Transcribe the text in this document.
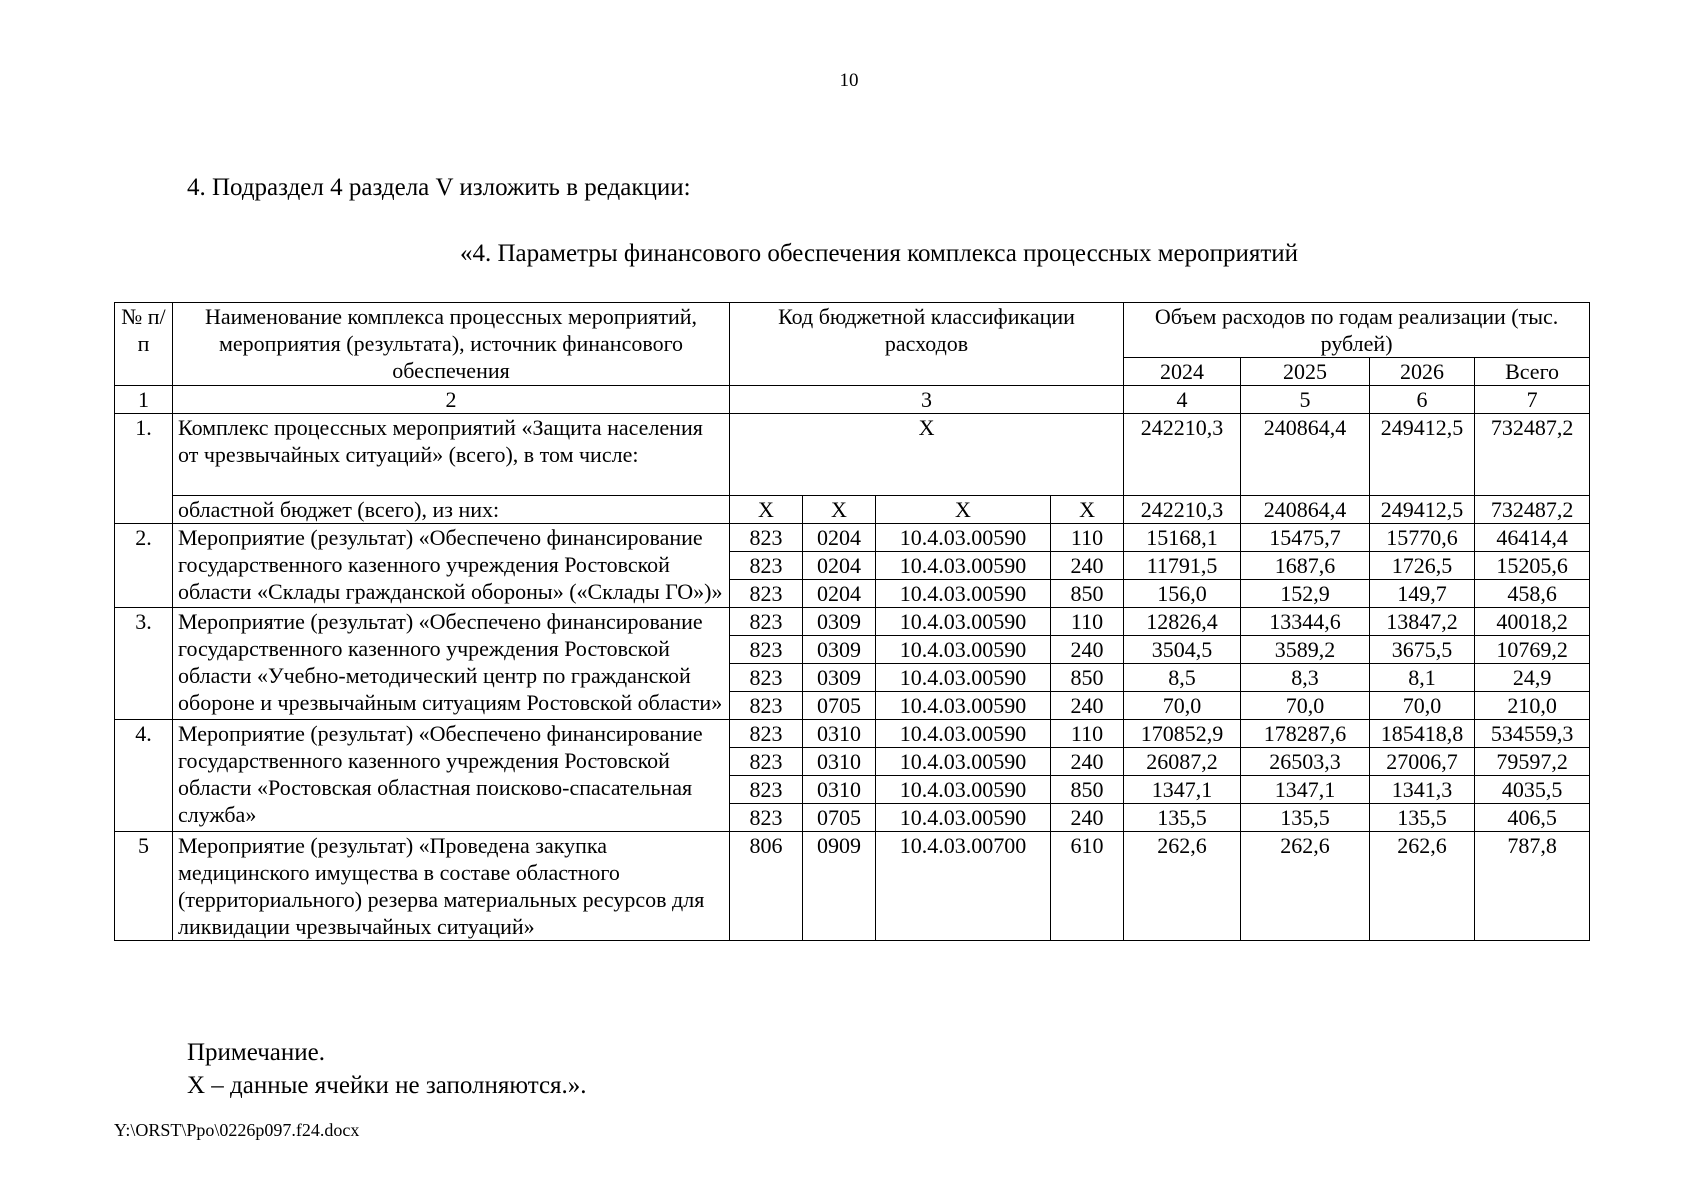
10
4. Подраздел 4 раздела V изложить в редакции:
«4. Параметры финансового обеспечения комплекса процессных мероприятий
№ п/п	Наименование комплекса процессных мероприятий, мероприятия (результата), источник финансового обеспечения	Код бюджетной классификации расходов				Объем расходов по годам реализации (тыс. рублей)			

						2024	2025	2026	Всего
1	2	3				4	5	6	7
1.	Комплекс процессных мероприятий «Защита населения от чрезвычайных ситуаций» (всего), в том числе:	X				242210,3	240864,4	249412,5	732487,2
	областной бюджет (всего), из них:	X	X	X	X	242210,3	240864,4	249412,5	732487,2
2.	Мероприятие (результат) «Обеспечено финансирование государственного казенного учреждения Ростовской области «Склады гражданской обороны» («Склады ГО»)»	823	0204	10.4.03.00590	110	15168,1	15475,7	15770,6	46414,4
		823	0204	10.4.03.00590	240	11791,5	1687,6	1726,5	15205,6
		823	0204	10.4.03.00590	850	156,0	152,9	149,7	458,6
3.	Мероприятие (результат) «Обеспечено финансирование государственного казенного учреждения Ростовской области «Учебно-методический центр по гражданской обороне и чрезвычайным ситуациям Ростовской области»	823	0309	10.4.03.00590	110	12826,4	13344,6	13847,2	40018,2
		823	0309	10.4.03.00590	240	3504,5	3589,2	3675,5	10769,2
		823	0309	10.4.03.00590	850	8,5	8,3	8,1	24,9
		823	0705	10.4.03.00590	240	70,0	70,0	70,0	210,0
4.	Мероприятие (результат) «Обеспечено финансирование государственного казенного учреждения Ростовской области «Ростовская областная поисково-спасательная служба»	823	0310	10.4.03.00590	110	170852,9	178287,6	185418,8	534559,3
		823	0310	10.4.03.00590	240	26087,2	26503,3	27006,7	79597,2
		823	0310	10.4.03.00590	850	1347,1	1347,1	1341,3	4035,5
		823	0705	10.4.03.00590	240	135,5	135,5	135,5	406,5
5	Мероприятие (результат) «Проведена закупка медицинского имущества в составе областного (территориального) резерва материальных ресурсов для ликвидации чрезвычайных ситуаций»	806	0909	10.4.03.00700	610	262,6	262,6	262,6	787,8
Примечание.
X – данные ячейки не заполняются.».
Y:\ORST\Ppo\0226p097.f24.docx
